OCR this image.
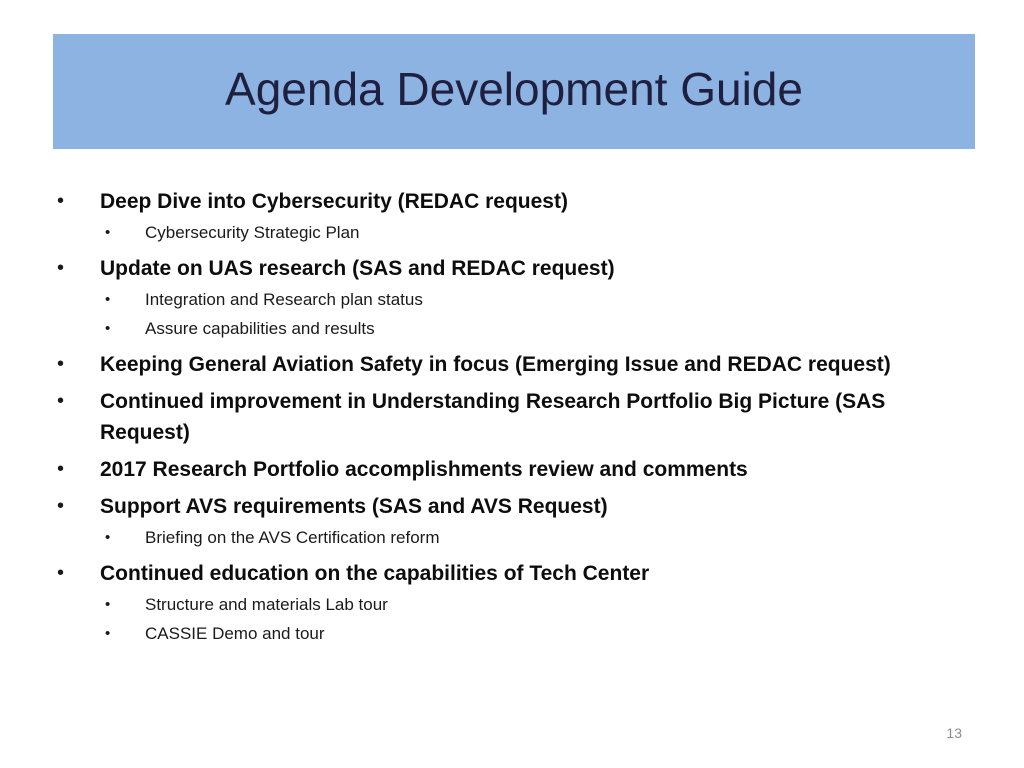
Agenda Development Guide
• Deep Dive into Cybersecurity (REDAC request)
• Cybersecurity Strategic Plan
• Update on UAS research (SAS and REDAC request)
• Integration and Research plan status
• Assure capabilities and results
• Keeping General Aviation Safety in focus (Emerging Issue and REDAC request)
• Continued improvement in Understanding Research Portfolio Big Picture (SAS Request)
• 2017 Research Portfolio accomplishments review and comments
• Support AVS requirements (SAS and AVS Request)
• Briefing on the AVS Certification reform
• Continued education on the capabilities of Tech Center
• Structure and materials Lab tour
• CASSIE Demo and tour
13
